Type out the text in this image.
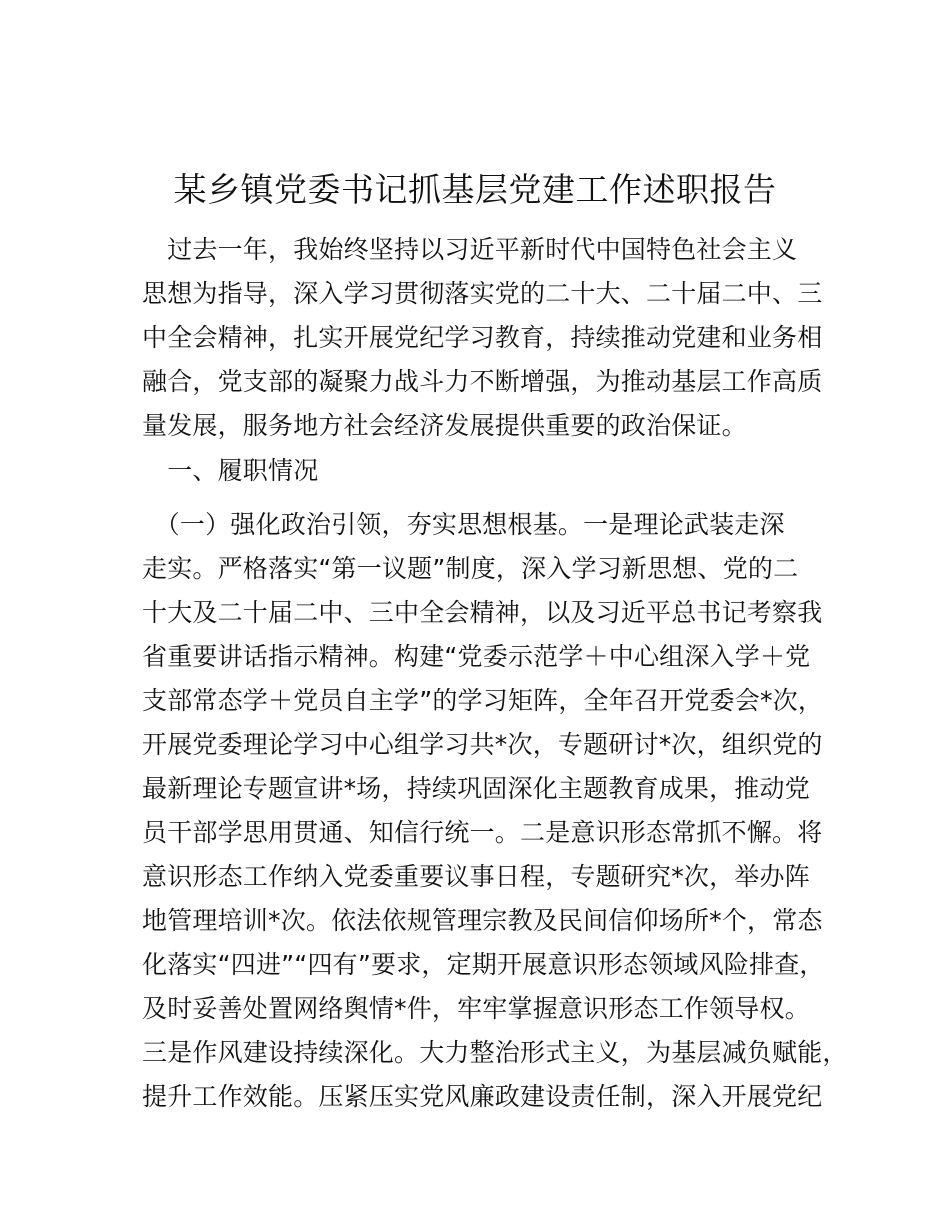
某乡镇党委书记抓基层党建工作述职报告
　过去一年，我始终坚持以习近平新时代中国特色社会主义
思想为指导，深入学习贯彻落实党的二十大、二十届二中、三
中全会精神，扎实开展党纪学习教育，持续推动党建和业务相
融合，党支部的凝聚力战斗力不断增强，为推动基层工作高质
量发展，服务地方社会经济发展提供重要的政治保证。
　一、履职情况
　（一）强化政治引领，夯实思想根基。一是理论武装走深
走实。严格落实“第一议题”制度，深入学习新思想、党的二
十大及二十届二中、三中全会精神，以及习近平总书记考察我
省重要讲话指示精神。构建“党委示范学＋中心组深入学＋党
支部常态学＋党员自主学”的学习矩阵，全年召开党委会*次，
开展党委理论学习中心组学习共*次，专题研讨*次，组织党的
最新理论专题宣讲*场，持续巩固深化主题教育成果，推动党
员干部学思用贯通、知信行统一。二是意识形态常抓不懈。将
意识形态工作纳入党委重要议事日程，专题研究*次，举办阵
地管理培训*次。依法依规管理宗教及民间信仰场所*个，常态
化落实“四进”“四有”要求，定期开展意识形态领域风险排查，
及时妥善处置网络舆情*件，牢牢掌握意识形态工作领导权。
三是作风建设持续深化。大力整治形式主义，为基层减负赋能，
提升工作效能。压紧压实党风廉政建设责任制，深入开展党纪
